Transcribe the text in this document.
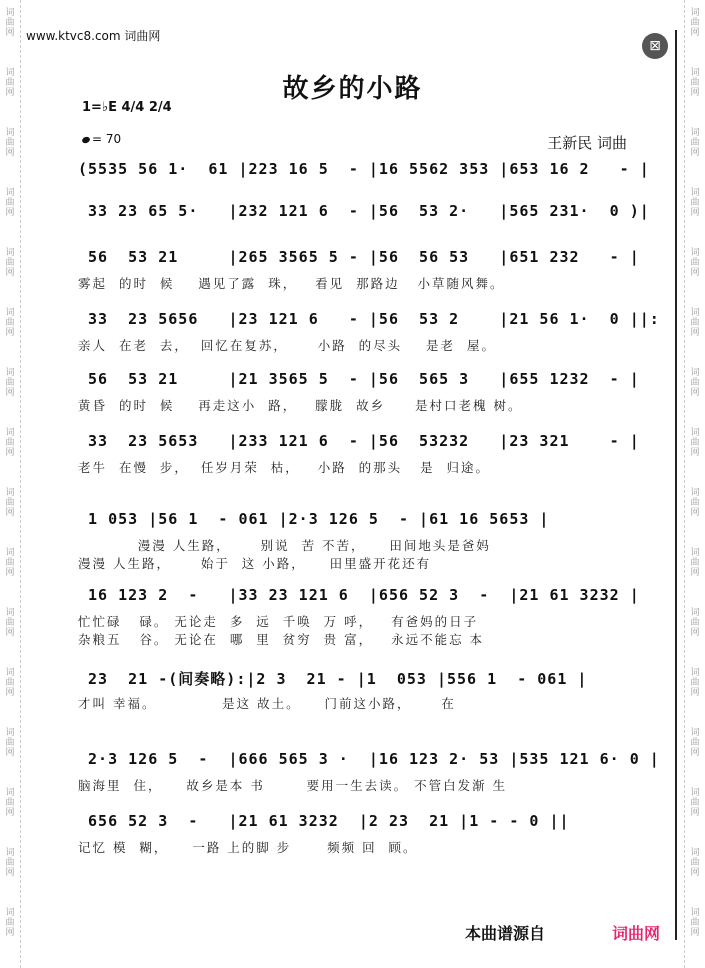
词
曲
网
词
曲
网
词
曲
网
词
曲
网
词
曲
网
词
曲
网
词
曲
网
词
曲
网
词
曲
网
词
曲
网
词
曲
网
词
曲
网
词
曲
网
词
曲
网
词
曲
网
词
曲
网
词
曲
网
词
曲
网
词
曲
网
词
曲
网
词
曲
网
词
曲
网
词
曲
网
词
曲
网
词
曲
网
词
曲
网
词
曲
网
词
曲
网
词
曲
网
词
曲
网
词
曲
网
词
曲
网
www.ktvc8.com 词曲网
⊠
故乡的小路
1=♭E 4/4 2/4
= 70	王新民 词曲
(5535 56 1·  61 |223 16 5  - |16 5562 353 |653 16 2   - |
33 23 65 5·   |232 121 6  - |56  53 2·   |565 231·  0 )|
56  53 21     |265 3565 5 - |56  56 53   |651 232   - |
雾起  的时  候    遇见了露  珠，   看见  那路边   小草随风舞。
33  23 5656   |23 121 6   - |56  53 2    |21 56 1·  0 ||:
亲人  在老  去，  回忆在复苏，     小路  的尽头    是老  屋。
56  53 21     |21 3565 5  - |56  565 3   |655 1232  - |
黄昏  的时  候    再走这小  路，   朦胧  故乡     是村口老槐 树。
33  23 5653   |233 121 6  - |56  53232   |23 321    - |
老牛  在慢  步，  任岁月荣  枯，   小路  的那头   是  归途。
1 053 |56 1  - 061 |2·3 126 5  - |61 16 5653 |
漫漫 人生路，     别说  苦 不苦，    田间地头是爸妈
漫漫 人生路，     始于  这 小路，    田里盛开花还有
16 123 2  -   |33 23 121 6  |656 52 3  -  |21 61 3232 |
忙忙碌   碌。 无论走  多  远  千唤  万 呼，   有爸妈的日子
杂粮五   谷。 无论在  哪  里  贫穷  贵 富，   永远不能忘 本
23  21 -(间奏略):|2 3  21 - |1  053 |556 1  - 061 |
才叫 幸福。           是这 故土。    门前这小路，     在
2·3 126 5  -  |666 565 3 ·  |16 123 2· 53 |535 121 6· 0 |
脑海里  住，    故乡是本 书       要用一生去读。 不管白发渐 生
656 52 3  -   |21 61 3232  |2 23  21 |1 - - 0 ||
记忆 模  糊，    一路 上的脚 步      频频 回  顾。
本曲谱源自	词曲网
